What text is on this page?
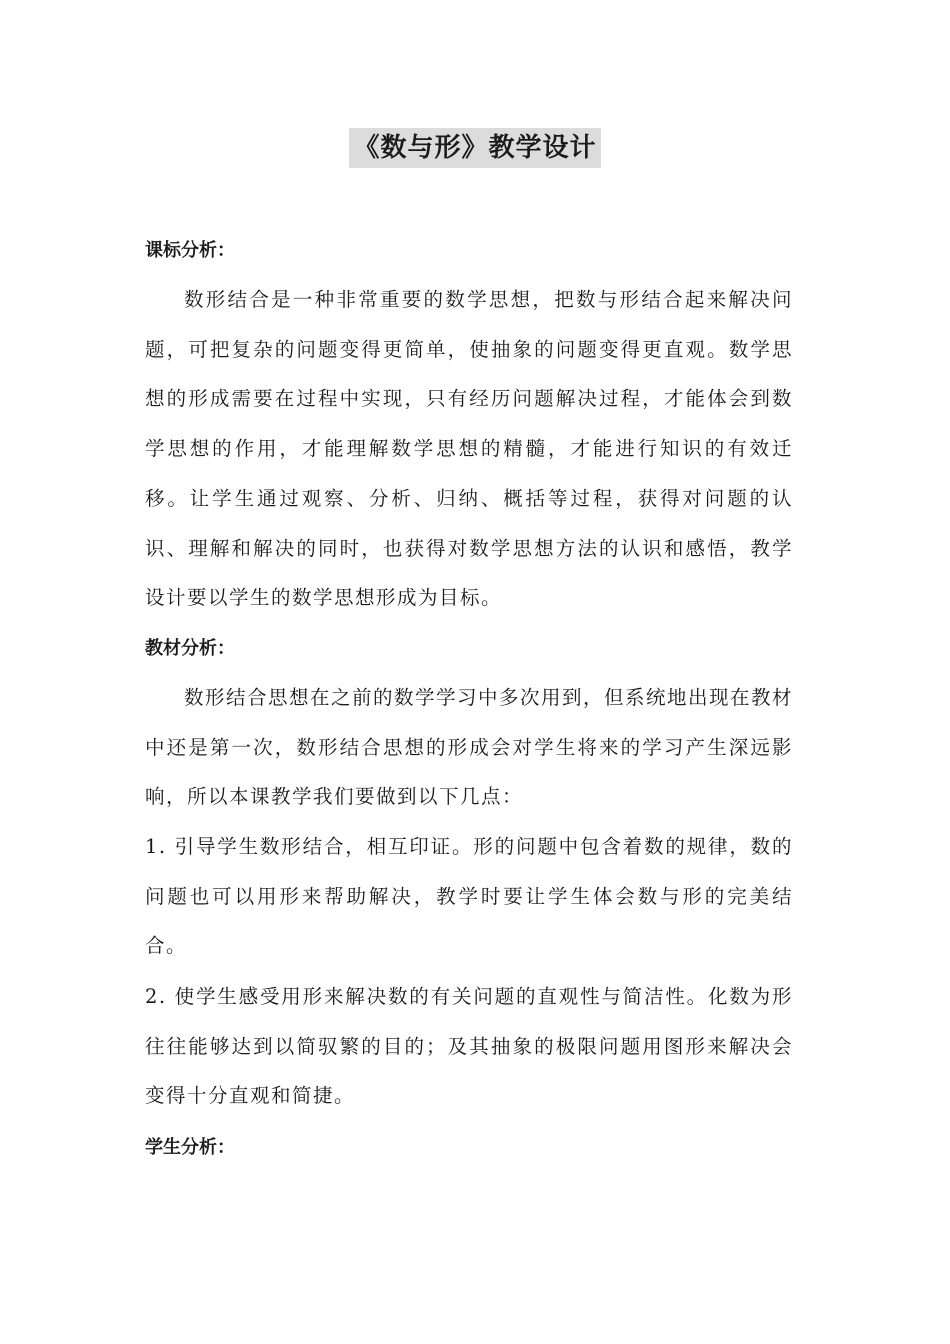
《数与形》教学设计
课标分析：
数形结合是一种非常重要的数学思想，把数与形结合起来解决问题，可把复杂的问题变得更简单，使抽象的问题变得更直观。数学思想的形成需要在过程中实现，只有经历问题解决过程，才能体会到数学思想的作用，才能理解数学思想的精髓，才能进行知识的有效迁移。让学生通过观察、分析、归纳、概括等过程，获得对问题的认识、理解和解决的同时，也获得对数学思想方法的认识和感悟，教学设计要以学生的数学思想形成为目标。
教材分析：
数形结合思想在之前的数学学习中多次用到，但系统地出现在教材中还是第一次，数形结合思想的形成会对学生将来的学习产生深远影响，所以本课教学我们要做到以下几点：
1. 引导学生数形结合，相互印证。形的问题中包含着数的规律，数的问题也可以用形来帮助解决，教学时要让学生体会数与形的完美结合。
2. 使学生感受用形来解决数的有关问题的直观性与简洁性。化数为形往往能够达到以简驭繁的目的；及其抽象的极限问题用图形来解决会变得十分直观和简捷。
学生分析：
